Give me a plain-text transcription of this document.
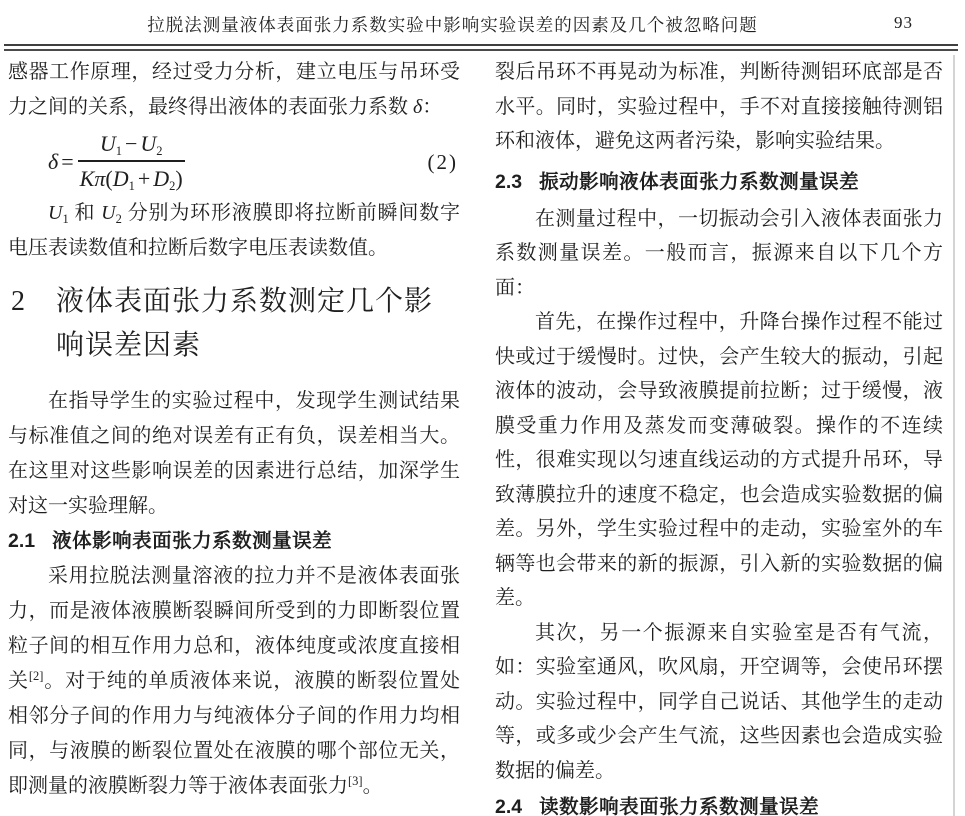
拉脱法测量液体表面张力系数实验中影响实验误差的因素及几个被忽略问题	93

感器工作原理，经过受力分析，建立电压与吊环受力之间的关系，最终得出液体的表面张力系数 δ：

$\delta = \frac{U_1 - U_2}{K\pi(D_1 + D_2)}$	(2)

$U_1$ 和 $U_2$ 分别为环形液膜即将拉断前瞬间数字电压表读数值和拉断后数字电压表读数值。

2 液体表面张力系数测定几个影响误差因素

在指导学生的实验过程中，发现学生测试结果与标准值之间的绝对误差有正有负，误差相当大。在这里对这些影响误差的因素进行总结，加深学生对这一实验理解。

2.1 液体影响表面张力系数测量误差

采用拉脱法测量溶液的拉力并不是液体表面张力，而是液体液膜断裂瞬间所受到的力即断裂位置粒子间的相互作用力总和，液体纯度或浓度直接相关[2]。对于纯的单质液体来说，液膜的断裂位置处相邻分子间的作用力与纯液体分子间的作用力均相同，与液膜的断裂位置处在液膜的哪个部位无关，即测量的液膜断裂力等于液体表面张力[3]。

裂后吊环不再晃动为标准，判断待测铝环底部是否水平。同时，实验过程中，手不对直接接触待测铝环和液体，避免这两者污染，影响实验结果。

2.3 振动影响液体表面张力系数测量误差

在测量过程中，一切振动会引入液体表面张力系数测量误差。一般而言，振源来自以下几个方面：

首先，在操作过程中，升降台操作过程不能过快或过于缓慢时。过快，会产生较大的振动，引起液体的波动，会导致液膜提前拉断；过于缓慢，液膜受重力作用及蒸发而变薄破裂。操作的不连续性，很难实现以匀速直线运动的方式提升吊环，导致薄膜拉升的速度不稳定，也会造成实验数据的偏差。另外，学生实验过程中的走动，实验室外的车辆等也会带来的新的振源，引入新的实验数据的偏差。

其次，另一个振源来自实验室是否有气流，如：实验室通风，吹风扇，开空调等，会使吊环摆动。实验过程中，同学自己说话、其他学生的走动等，或多或少会产生气流，这些因素也会造成实验数据的偏差。

2.4 读数影响表面张力系数测量误差
